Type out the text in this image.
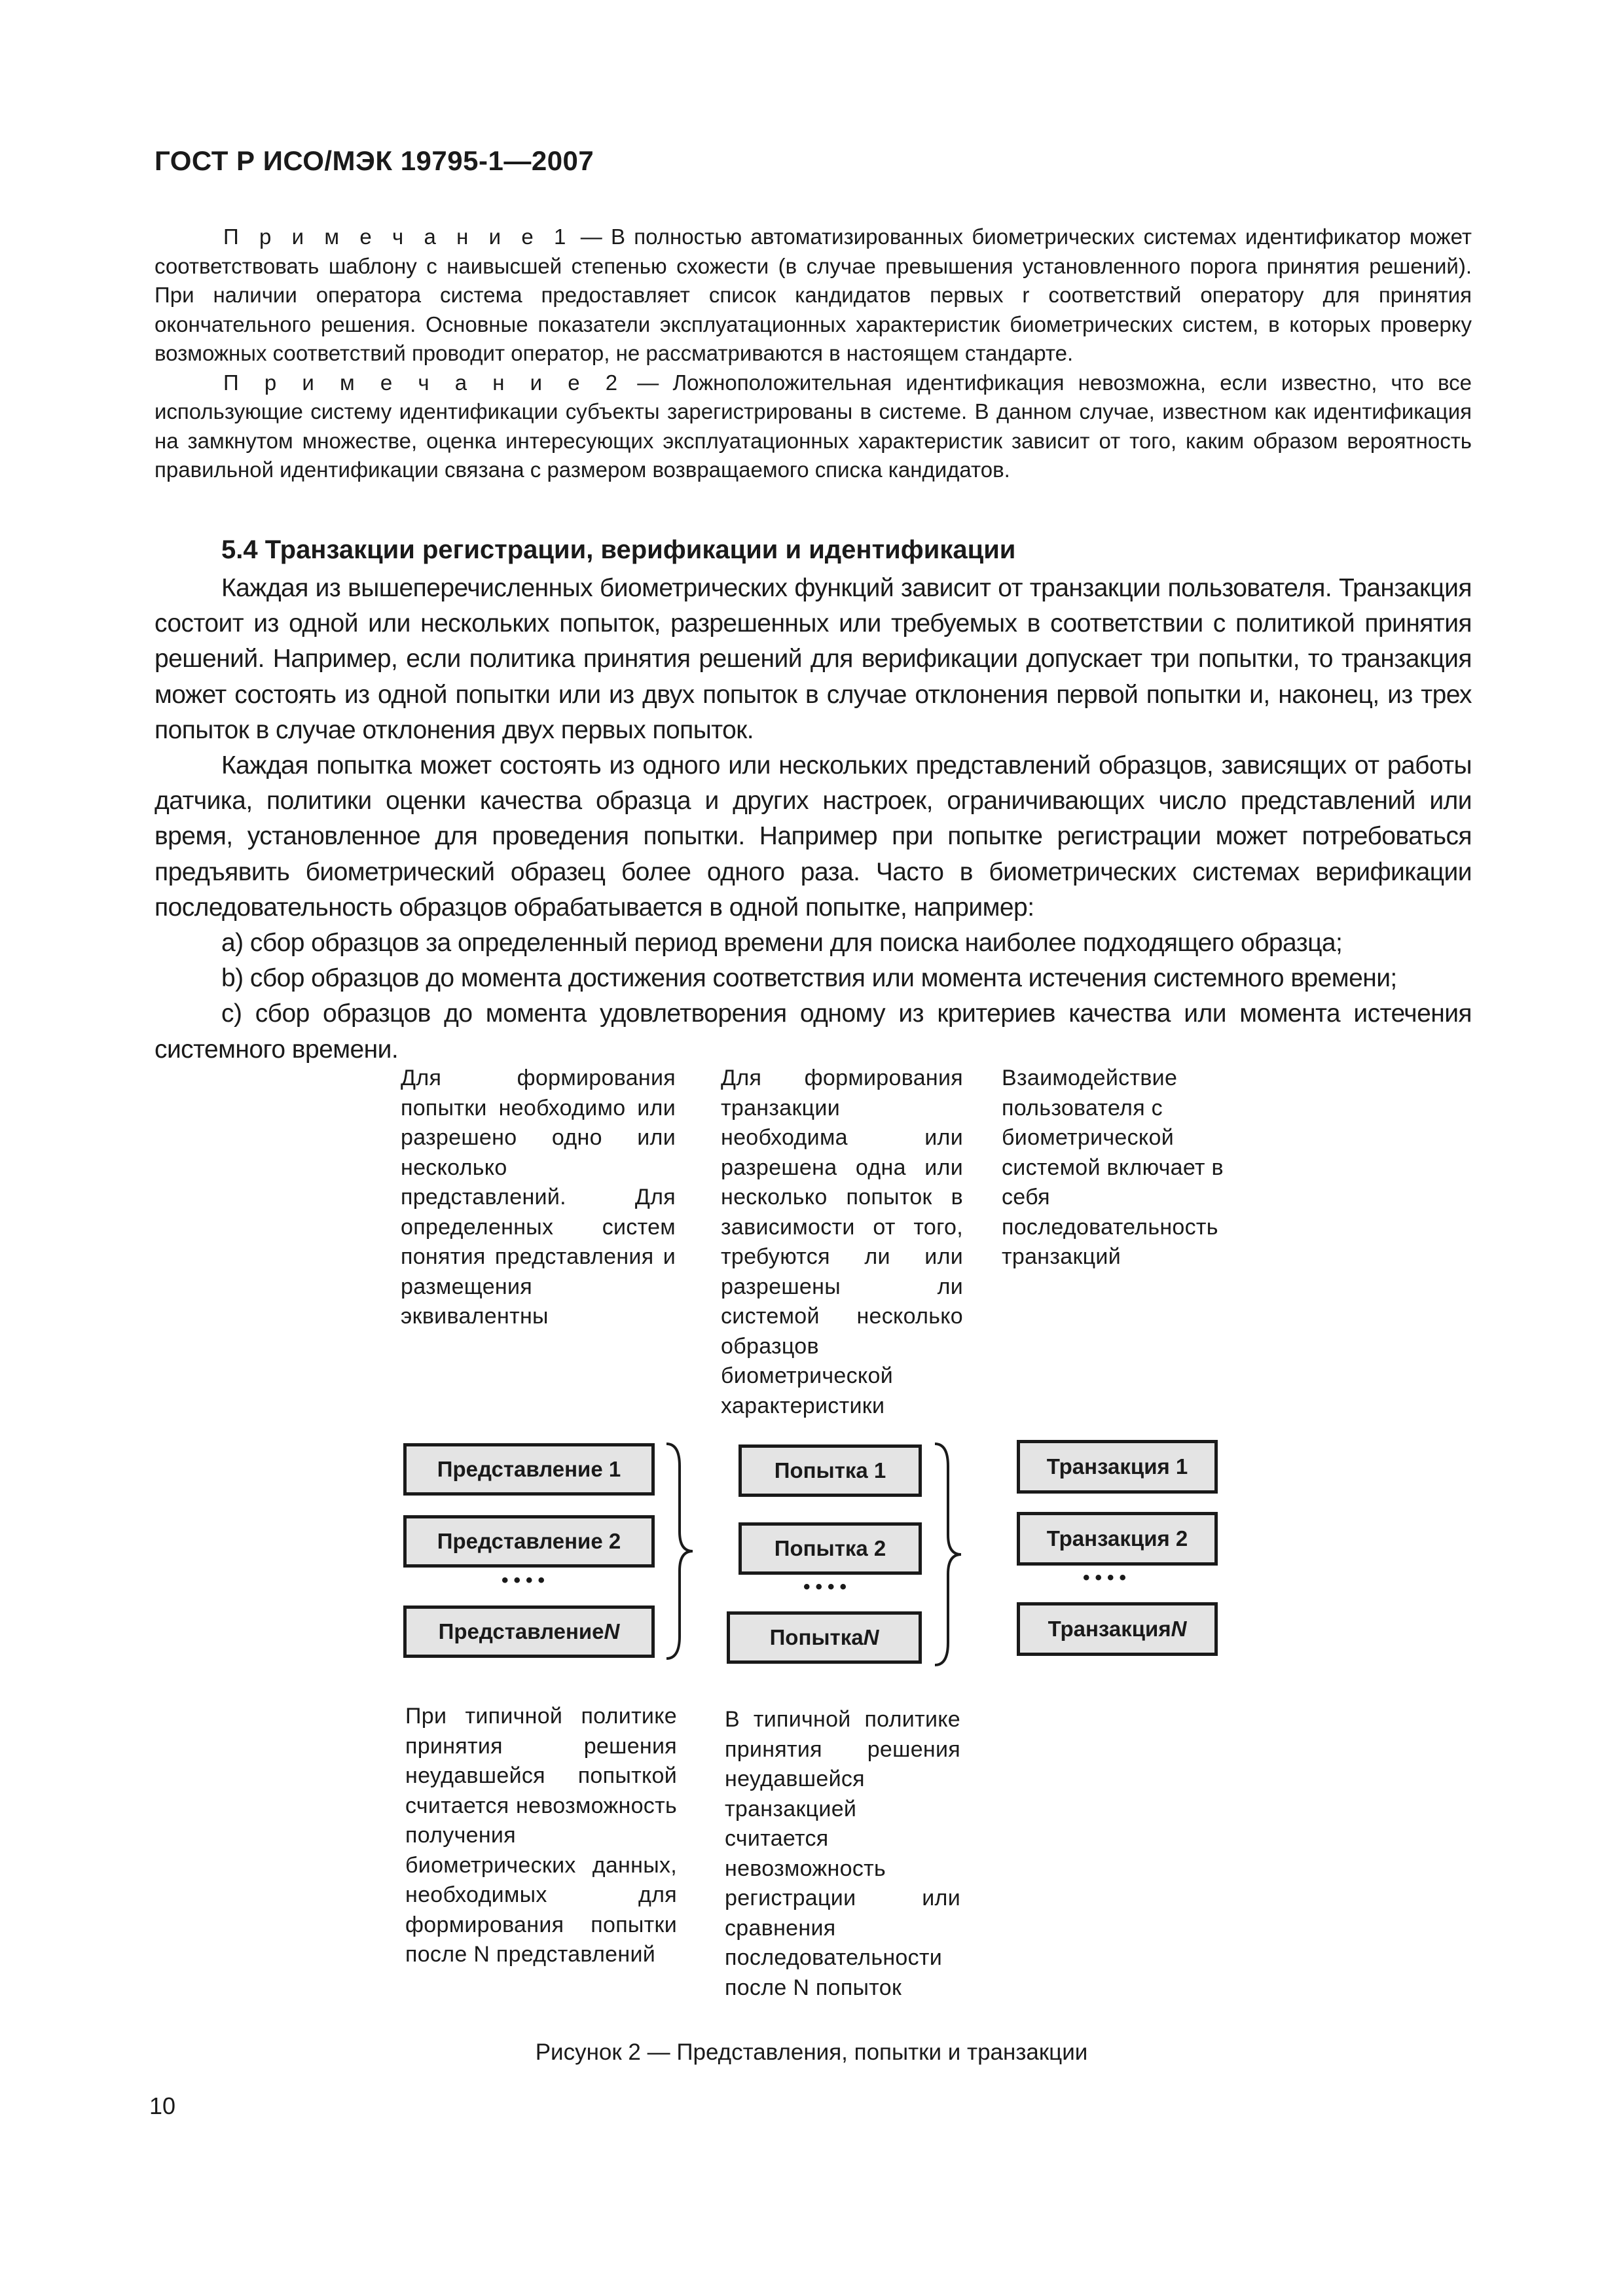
ГОСТ Р ИСО/МЭК 19795-1—2007

П р и м е ч а н и е 1 — В полностью автоматизированных биометрических системах идентификатор может соответствовать шаблону с наивысшей степенью схожести (в случае превышения установленного порога принятия решений). При наличии оператора система предоставляет список кандидатов первых r соответствий оператору для принятия окончательного решения. Основные показатели эксплуатационных характеристик биометрических систем, в которых проверку возможных соответствий проводит оператор, не рассматриваются в настоящем стандарте.

П р и м е ч а н и е 2 — Ложноположительная идентификация невозможна, если известно, что все использующие систему идентификации субъекты зарегистрированы в системе. В данном случае, известном как идентификация на замкнутом множестве, оценка интересующих эксплуатационных характеристик зависит от того, каким образом вероятность правильной идентификации связана с размером возвращаемого списка кандидатов.

5.4 Транзакции регистрации, верификации и идентификации

Каждая из вышеперечисленных биометрических функций зависит от транзакции пользователя. Транзакция состоит из одной или нескольких попыток, разрешенных или требуемых в соответствии с политикой принятия решений. Например, если политика принятия решений для верификации допускает три попытки, то транзакция может состоять из одной попытки или из двух попыток в случае отклонения первой попытки и, наконец, из трех попыток в случае отклонения двух первых попыток.

Каждая попытка может состоять из одного или нескольких представлений образцов, зависящих от работы датчика, политики оценки качества образца и других настроек, ограничивающих число представлений или время, установленное для проведения попытки. Например при попытке регистрации может потребоваться предъявить биометрический образец более одного раза. Часто в биометрических системах верификации последовательность образцов обрабатывается в одной попытке, например:

a) сбор образцов за определенный период времени для поиска наиболее подходящего образца;

b) сбор образцов до момента достижения соответствия или момента истечения системного времени;

c) сбор образцов до момента удовлетворения одному из критериев качества или момента истечения системного времени.

Для формирования попытки необходимо или разрешено одно или несколько представлений. Для определенных систем понятия представления и размещения эквивалентны
Для формирования транзакции необходима или разрешена одна или несколько попыток в зависимости от того, требуются ли или разрешены ли системой несколько образцов биометрической характеристики
Взаимодействие пользователя с биометрической системой включает в себя последовательность транзакций
Представление 1
Представление 2
••••
Представление N
Попытка 1
Попытка 2
••••
Попытка N
Транзакция 1
Транзакция 2
••••
Транзакция N
При типичной политике принятия решения неудавшейся попыткой считается невозможность получения биометрических данных, необходимых для формирования попытки после N представлений
В типичной политике принятия решения неудавшейся транзакцией считается невозможность регистрации или сравнения последовательности после N попыток
Рисунок 2 — Представления, попытки и транзакции
10
